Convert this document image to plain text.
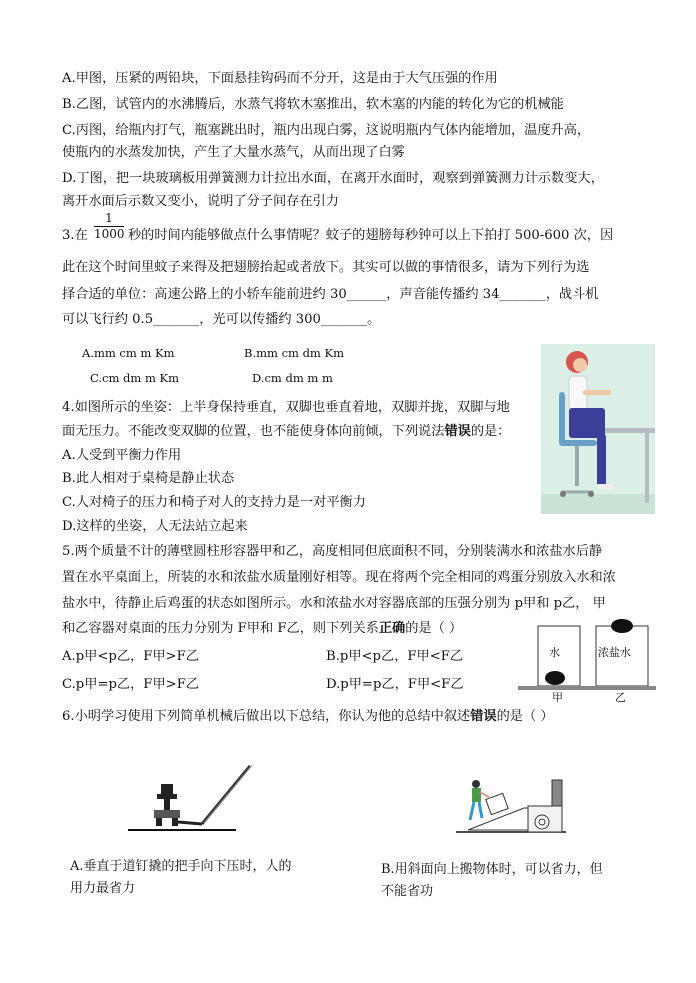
A.甲图，压紧的两铅块，下面悬挂钩码而不分开，这是由于大气压强的作用
B.乙图，试管内的水沸腾后，水蒸气将软木塞推出，软木塞的内能的转化为它的机械能
C.丙图，给瓶内打气，瓶塞跳出时，瓶内出现白雾，这说明瓶内气体内能增加，温度升高，
使瓶内的水蒸发加快，产生了大量水蒸气，从而出现了白雾
D.丁图，把一块玻璃板用弹簧测力计拉出水面，在离开水面时，观察到弹簧测力计示数变大，
离开水面后示数又变小，说明了分子间存在引力
3.在 $\frac{1}{1000}$ 秒的时间内能够做点什么事情呢？蚊子的翅膀每秒钟可以上下拍打 500-600 次，因
此在这个时间里蚊子来得及把翅膀抬起或者放下。其实可以做的事情很多，请为下列行为选
择合适的单位：高速公路上的小轿车能前进约 30______，声音能传播约 34_______，战斗机
可以飞行约 0.5_______，光可以传播约 300_______。
A.mm cm m Km	B.mm cm dm Km
C.cm dm m Km	D.cm dm m m
4.如图所示的坐姿：上半身保持垂直，双脚也垂直着地，双脚并拢，双脚与地
面无压力。不能改变双脚的位置，也不能使身体向前倾，下列说法错误的是：
A.人受到平衡力作用
B.此人相对于桌椅是静止状态
C.人对椅子的压力和椅子对人的支持力是一对平衡力
D.这样的坐姿，人无法站立起来
5.两个质量不计的薄壁圆柱形容器甲和乙，高度相同但底面积不同，分别装满水和浓盐水后静
置在水平桌面上，所装的水和浓盐水质量刚好相等。现在将两个完全相同的鸡蛋分别放入水和浓
盐水中，待静止后鸡蛋的状态如图所示。水和浓盐水对容器底部的压强分别为 p甲和 p乙， 甲
和乙容器对桌面的压力分别为 F甲和 F乙，则下列关系正确的是（ ）
A.p甲<p乙，F甲>F乙	B.p甲<p乙，F甲<F乙
C.p甲=p乙，F甲>F乙	D.p甲=p乙，F甲<F乙
水	浓盐水
甲	乙
6.小明学习使用下列简单机械后做出以下总结，你认为他的总结中叙述错误的是（ ）
A.垂直于道钉撬的把手向下压时，人的
用力最省力
B.用斜面向上搬物体时，可以省力，但
不能省功
